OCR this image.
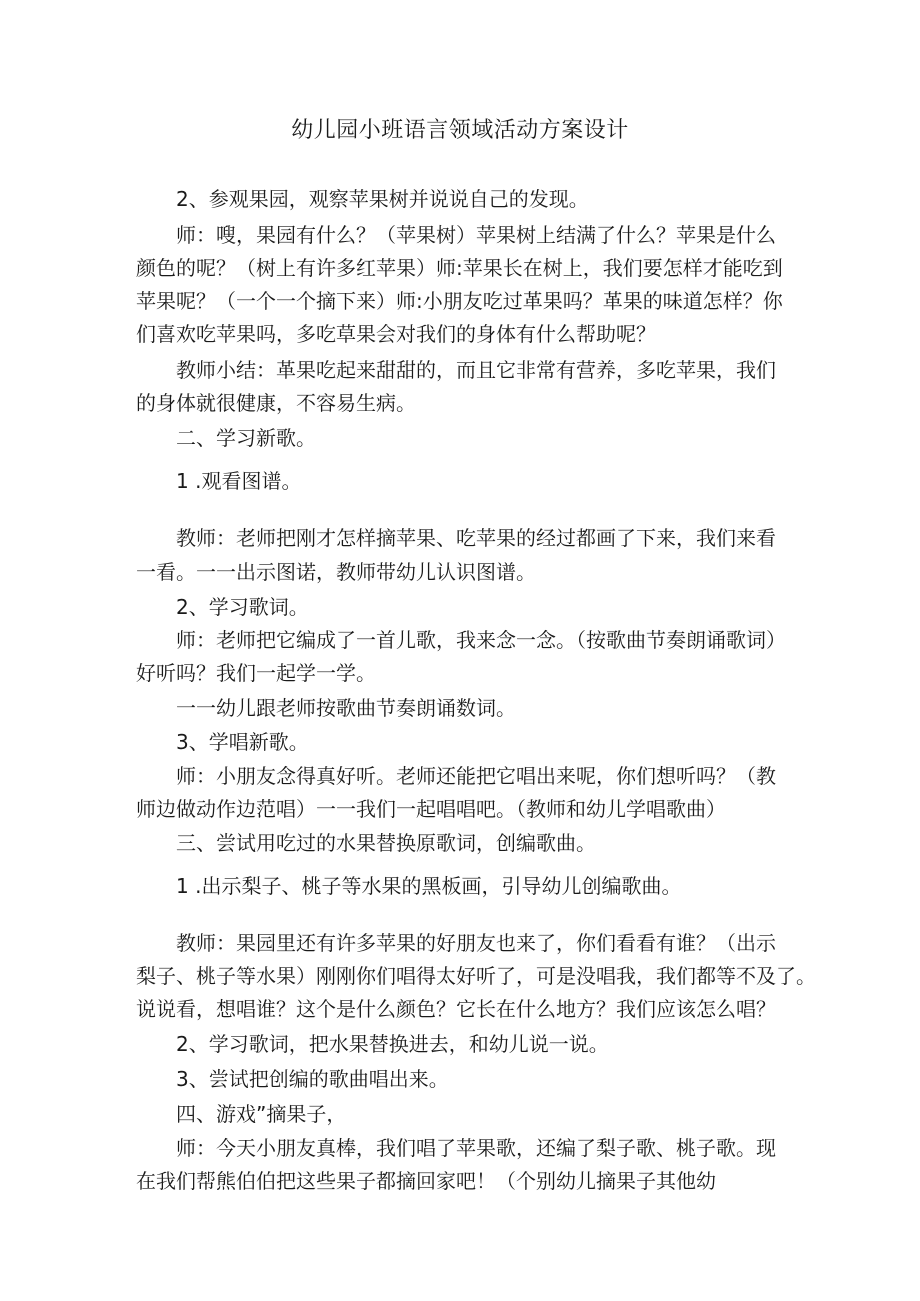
幼儿园小班语言领域活动方案设计
2、参观果园，观察苹果树并说说自己的发现。
师：嗖，果园有什么？（苹果树）苹果树上结满了什么？苹果是什么
颜色的呢？（树上有许多红苹果）师:苹果长在树上，我们要怎样才能吃到
苹果呢？（一个一个摘下来）师:小朋友吃过革果吗？革果的味道怎样？你
们喜欢吃苹果吗，多吃草果会对我们的身体有什么帮助呢？
教师小结：革果吃起来甜甜的，而且它非常有营养，多吃苹果，我们
的身体就很健康，不容易生病。
二、学习新歌。
1 .观看图谱。
教师：老师把刚才怎样摘苹果、吃苹果的经过都画了下来，我们来看
一看。一一出示图诺，教师带幼儿认识图谱。
2、学习歌词。
师：老师把它编成了一首儿歌，我来念一念。（按歌曲节奏朗诵歌词）
好听吗？我们一起学一学。
一一幼儿跟老师按歌曲节奏朗诵数词。
3、学唱新歌。
师：小朋友念得真好听。老师还能把它唱出来呢，你们想听吗？（教
师边做动作边范唱）一一我们一起唱唱吧。（教师和幼儿学唱歌曲）
三、尝试用吃过的水果替换原歌词，创编歌曲。
1 .出示梨子、桃子等水果的黑板画，引导幼儿创编歌曲。
教师：果园里还有许多苹果的好朋友也来了，你们看看有谁？（出示
梨子、桃子等水果）刚刚你们唱得太好听了，可是没唱我，我们都等不及了。
说说看，想唱谁？这个是什么颜色？它长在什么地方？我们应该怎么唱？
2、学习歌词，把水果替换进去，和幼儿说一说。
3、尝试把创编的歌曲唱出来。
四、游戏”摘果子，
师：今天小朋友真棒，我们唱了苹果歌，还编了梨子歌、桃子歌。现
在我们帮熊伯伯把这些果子都摘回家吧！（个别幼儿摘果子其他幼
